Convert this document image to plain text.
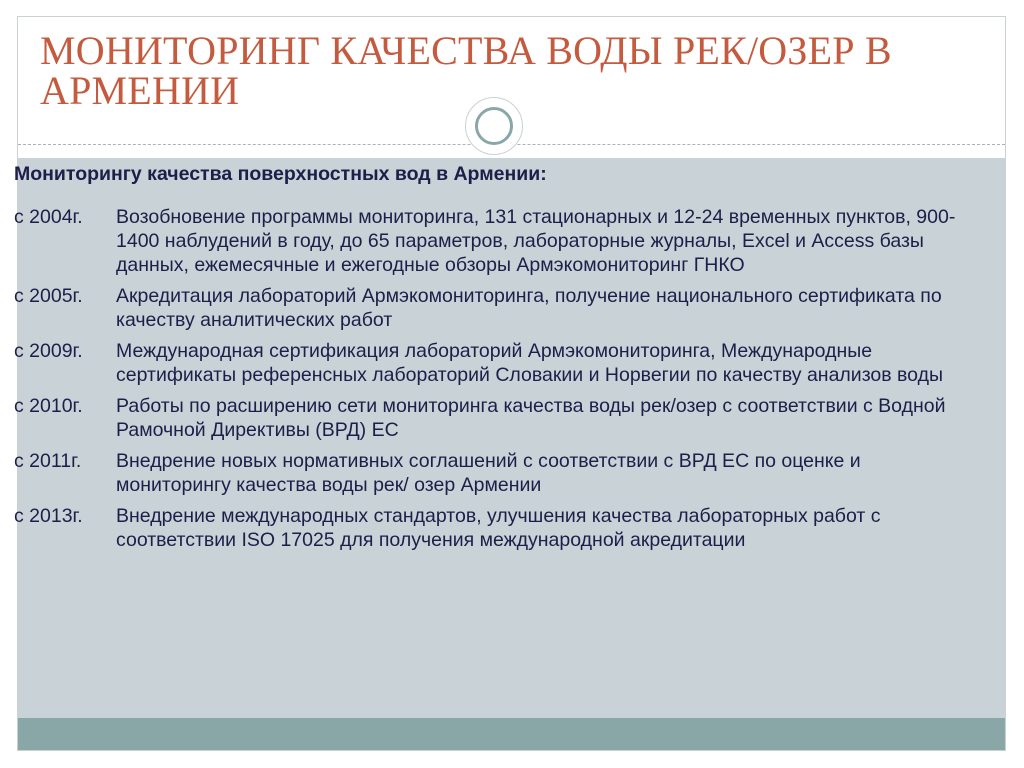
МОНИТОРИНГ КАЧЕСТВА ВОДЫ РЕК/ОЗЕР В АРМЕНИИ

Мониторингу качества поверхностных вод в Армении:

с 2004г. Возобновение программы мониторинга, 131 стационарных и 12-24 временных пунктов, 900-1400 наблудений в году, до 65 параметров, лабораторные журналы, Excel и Access базы данных, ежемесячные и ежегодные обзоры Армэкомониторинг ГНКО
с 2005г. Акредитация лабораторий Армэкомониторинга, получение национального сертификата по качеству аналитических работ
с 2009г. Международная сертификация лабораторий Армэкомониторинга, Международные сертификаты референсных лабораторий Словакии и Норвегии по качеству анализов воды
с 2010г. Работы по расширению сети мониторинга качества воды рек/озер с соответствии с Водной Рамочной Директивы (ВРД) ЕС
с 2011г. Внедрение новых нормативных соглашений с соответствии с ВРД ЕС по оценке и мониторингу качества воды рек/ озер Армении
с 2013г. Внедрение международных стандартов, улучшения качества лабораторных работ с соответствии ISO 17025 для получения международной акредитации
